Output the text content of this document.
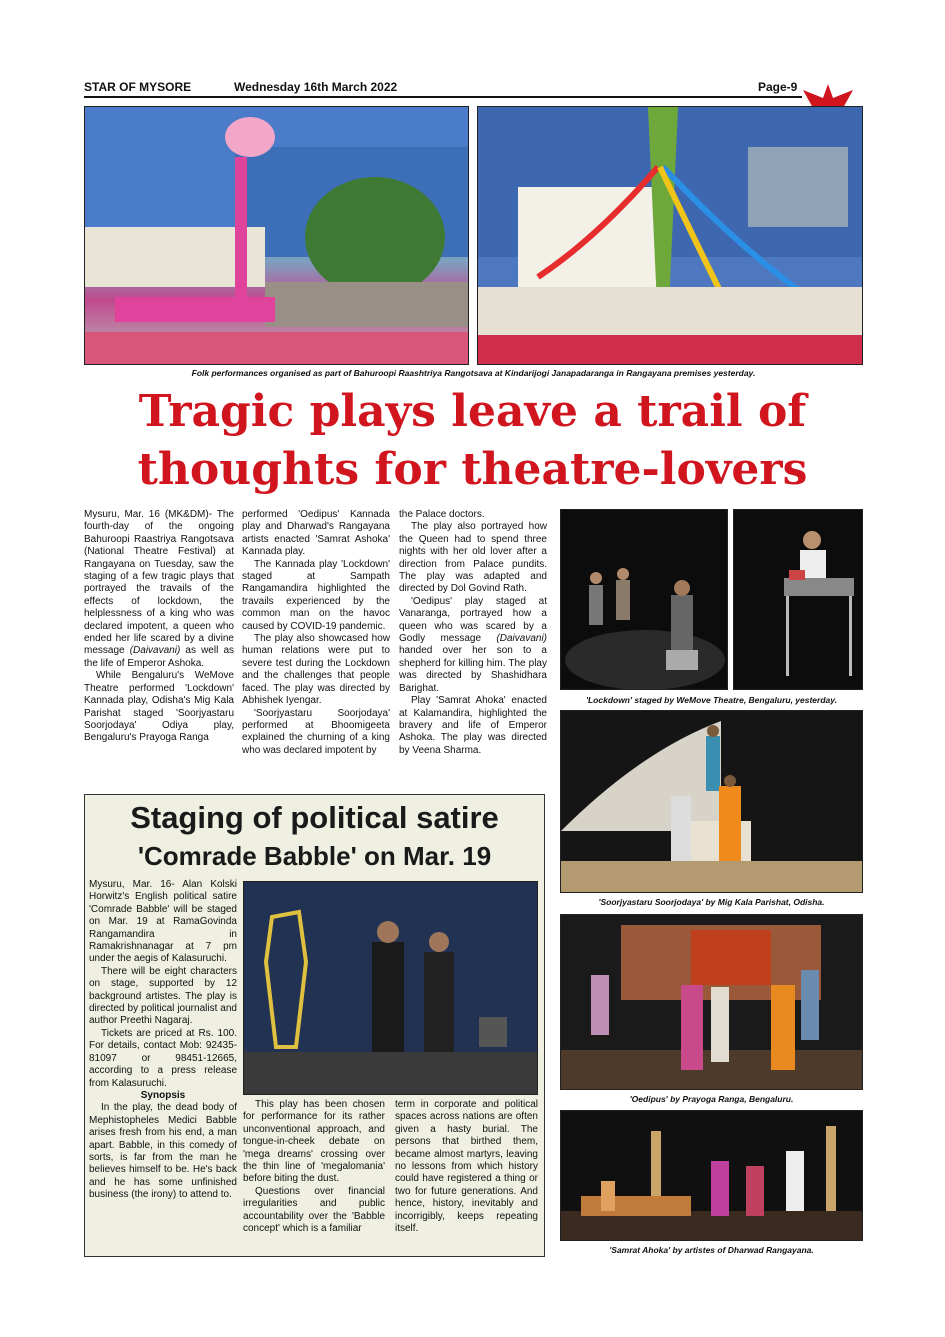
STAR OF MYSORE	Wednesday 16th March 2022	Page-9
Folk performances organised as part of Bahuroopi Raashtriya Rangotsava at Kindarijogi Janapadaranga in Rangayana premises yesterday.
Tragic plays leave a trail of
thoughts for theatre-lovers

Mysuru, Mar. 16 (MK&DM)- The fourth-day of the ongoing Bahuroopi Raastriya Rangotsava (National Theatre Festival) at Rangayana on Tuesday, saw the staging of a few tragic plays that portrayed the travails of the effects of lockdown, the helplessness of a king who was declared impotent, a queen who ended her life scared by a divine message (Daivavani) as well as the life of Emperor Ashoka.

While Bengaluru's WeMove Theatre performed 'Lockdown' Kannada play, Odisha's Mig Kala Parishat staged 'Soorjyastaru Soorjodaya' Odiya play, Bengaluru's Prayoga Ranga

performed 'Oedipus' Kannada play and Dharwad's Rangayana artists enacted 'Samrat Ashoka' Kannada play.

The Kannada play 'Lockdown' staged at Sampath Rangamandira highlighted the travails experienced by the common man on the havoc caused by COVID-19 pandemic.

The play also showcased how human relations were put to severe test during the Lockdown and the challenges that people faced. The play was directed by Abhishek Iyengar.

'Soorjyastaru Soorjodaya' performed at Bhoomigeeta explained the churning of a king who was declared impotent by

the Palace doctors.

The play also portrayed how the Queen had to spend three nights with her old lover after a direction from Palace pundits. The play was adapted and directed by Dol Govind Rath.

'Oedipus' play staged at Vanaranga, portrayed how a queen who was scared by a Godly message (Daivavani) handed over her son to a shepherd for killing him. The play was directed by Shashidhara Barighat.

Play 'Samrat Ahoka' enacted at Kalamandira, highlighted the bravery and life of Emperor Ashoka. The play was directed by Veena Sharma.

'Lockdown' staged by WeMove Theatre, Bengaluru, yesterday.
'Soorjyastaru Soorjodaya' by Mig Kala Parishat, Odisha.
'Oedipus' by Prayoga Ranga, Bengaluru.
'Samrat Ahoka' by artistes of Dharwad Rangayana.
Staging of political satire
'Comrade Babble' on Mar. 19

Mysuru, Mar. 16- Alan Kolski Horwitz's English political satire 'Comrade Babble' will be staged on Mar. 19 at RamaGovinda Rangamandira in Ramakrishnanagar at 7 pm under the aegis of Kalasuruchi.

There will be eight characters on stage, supported by 12 background artistes. The play is directed by political journalist and author Preethi Nagaraj.

Tickets are priced at Rs. 100. For details, contact Mob: 92435-81097 or 98451-12665, according to a press release from Kalasuruchi.

Synopsis

In the play, the dead body of Mephistopheles Medici Babble arises fresh from his end, a man apart. Babble, in this comedy of sorts, is far from the man he believes himself to be. He's back and he has some unfinished business (the irony) to attend to.

This play has been chosen for performance for its rather unconventional approach, and tongue-in-cheek debate on 'mega dreams' crossing over the thin line of 'megalomania' before biting the dust.

Questions over financial irregularities and public accountability over the 'Babble concept' which is a familiar

term in corporate and political spaces across nations are often given a hasty burial. The persons that birthed them, became almost martyrs, leaving no lessons from which history could have registered a thing or two for future generations. And hence, history, inevitably and incorrigibly, keeps repeating itself.
